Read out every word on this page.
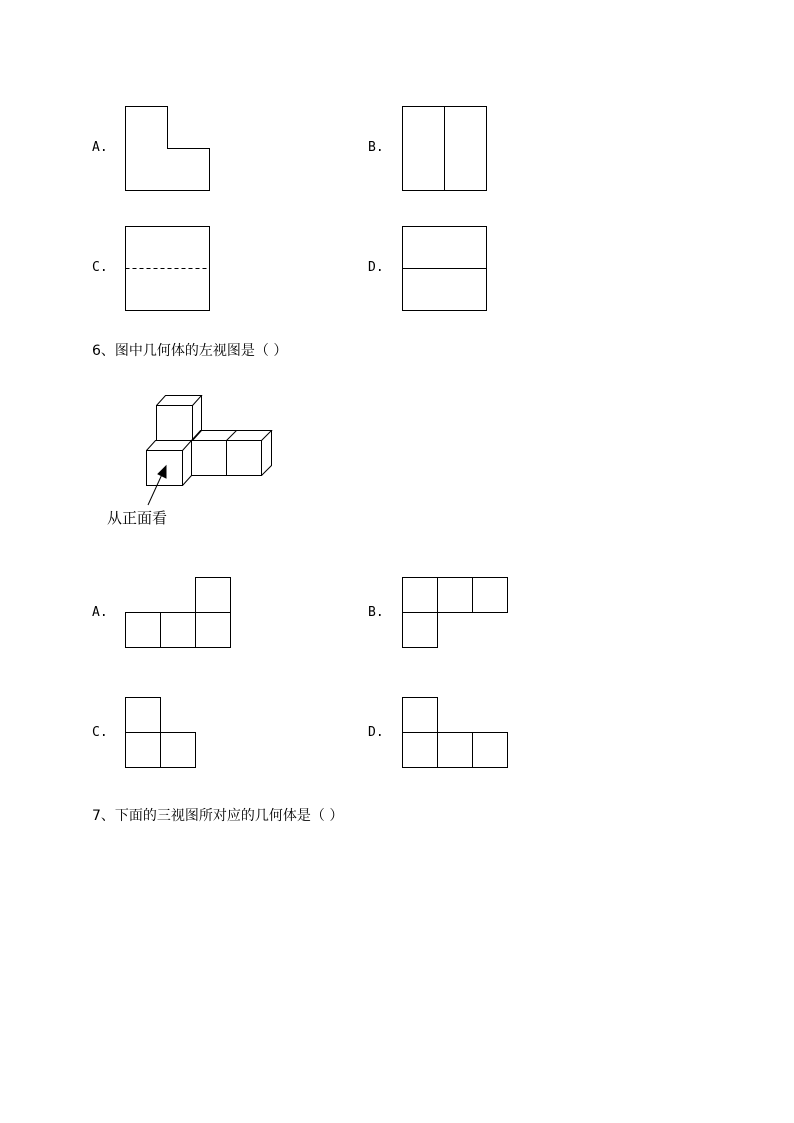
A.	B.
C.	D.
6、图中几何体的左视图是（ ）
从正面看
A.	B.
C.	D.
7、下面的三视图所对应的几何体是（ ）
